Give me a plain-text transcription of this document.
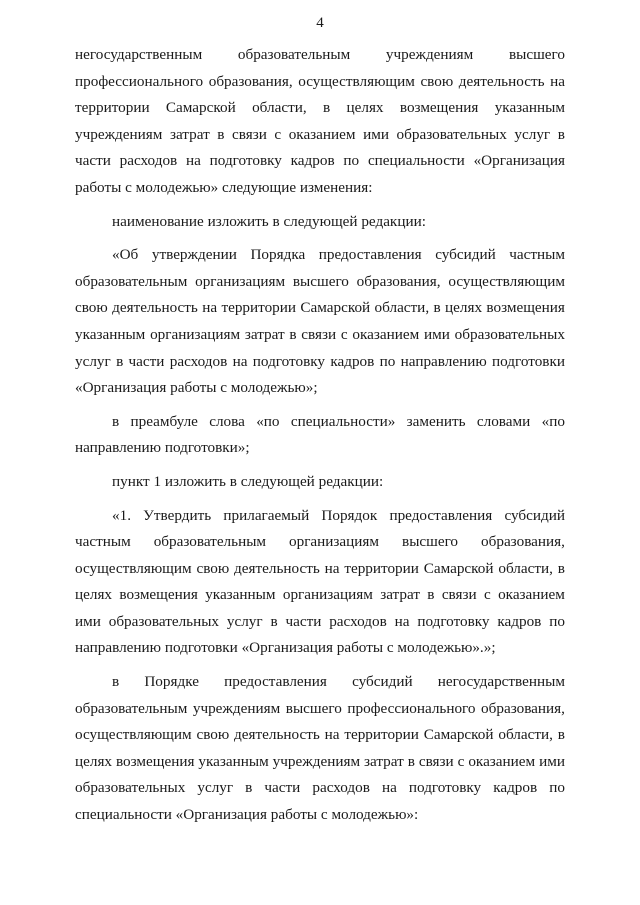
4
негосударственным образовательным учреждениям высшего
профессионального образования, осуществляющим свою деятельность на
территории Самарской области, в целях возмещения указанным
учреждениям затрат в связи с оказанием ими образовательных услуг в
части расходов на подготовку кадров по специальности «Организация
работы с молодежью» следующие изменения:
наименование изложить в следующей редакции:
«Об утверждении Порядка предоставления субсидий частным
образовательным организациям высшего образования, осуществляющим
свою деятельность на территории Самарской области, в целях возмещения
указанным организациям затрат в связи с оказанием ими образовательных
услуг в части расходов на подготовку кадров по направлению подготовки
«Организация работы с молодежью»;
в преамбуле слова «по специальности» заменить словами «по
направлению подготовки»;
пункт 1 изложить в следующей редакции:
«1. Утвердить прилагаемый Порядок предоставления субсидий
частным образовательным организациям высшего образования,
осуществляющим свою деятельность на территории Самарской области, в
целях возмещения указанным организациям затрат в связи с оказанием
ими образовательных услуг в части расходов на подготовку кадров по
направлению подготовки «Организация работы с молодежью».»;
в Порядке предоставления субсидий негосударственным
образовательным учреждениям высшего профессионального образования,
осуществляющим свою деятельность на территории Самарской области, в
целях возмещения указанным учреждениям затрат в связи с оказанием ими
образовательных услуг в части расходов на подготовку кадров по
специальности «Организация работы с молодежью»:
